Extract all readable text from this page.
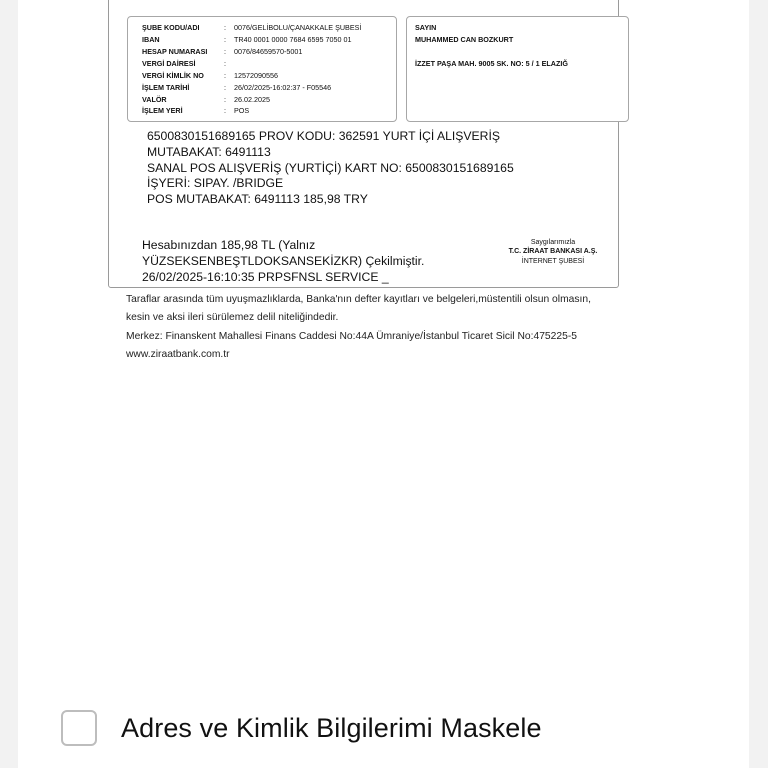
ŞUBE KODU/ADI	: 0076/GELİBOLU/ÇANAKKALE ŞUBESİ
IBAN	: TR40 0001 0000 7684 6595 7050 01
HESAP NUMARASI : 0076/84659570-5001
VERGİ DAİRESİ	:
VERGİ KİMLİK NO	: 12572090556
İŞLEM TARİHİ	: 26/02/2025-16:02:37 - F05546
VALÖR	: 26.02.2025
İŞLEM YERİ	: POS
SAYIN
MUHAMMED CAN BOZKURT
İZZET PAŞA MAH. 9005 SK. NO: 5 / 1 ELAZIĞ
6500830151689165 PROV KODU: 362591 YURT İÇİ ALIŞVERİŞ
MUTABAKAT: 6491113
SANAL POS ALIŞVERİŞ (YURTİÇİ) KART NO: 6500830151689165
İŞYERİ: SIPAY. /BRIDGE
POS MUTABAKAT: 6491113 185,98 TRY
Hesabınızdan 185,98 TL (Yalnız
YÜZSEKSENBEŞTLDOKSANSEKİZKR) Çekilmiştir.
26/02/2025-16:10:35 PRPSFNSL SERVICE _
Saygılarımızla
T.C. ZİRAAT BANKASI A.Ş.
İNTERNET ŞUBESİ
Taraflar arasında tüm uyuşmazlıklarda, Banka'nın defter kayıtları ve belgeleri,müstentili olsun olmasın,
kesin ve aksi ileri sürülemez delil niteliğindedir.
Merkez: Finanskent Mahallesi Finans Caddesi No:44A Ümraniye/İstanbul Ticaret Sicil No:475225-5
www.ziraatbank.com.tr
Adres ve Kimlik Bilgilerimi Maskele
